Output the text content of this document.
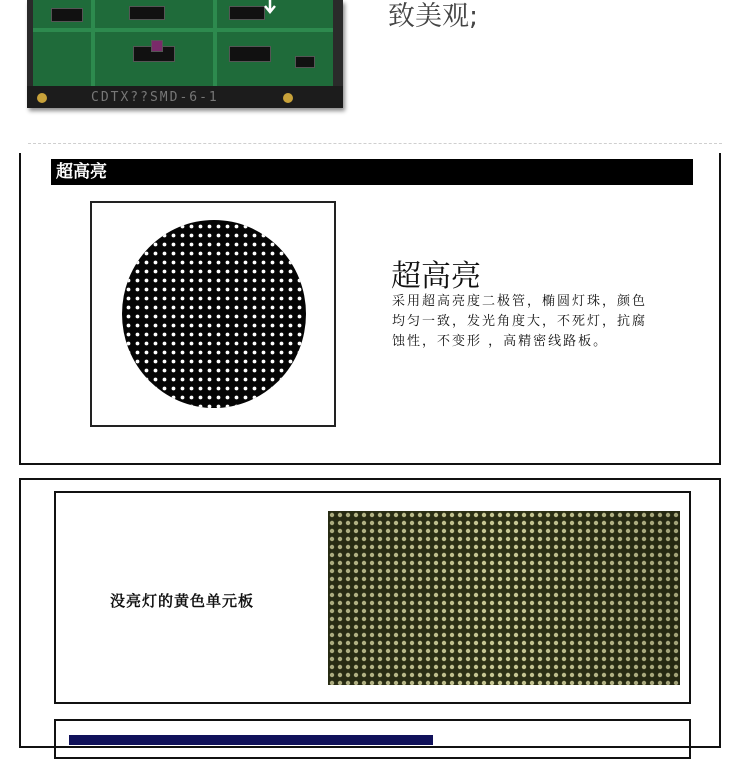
CDTX??SMD-6-1
致美观;
超高亮
超高亮
采用超高亮度二极管，椭圆灯珠，颜色均匀一致，发光角度大，不死灯，抗腐蚀性，不变形 ，高精密线路板。
没亮灯的黄色单元板
